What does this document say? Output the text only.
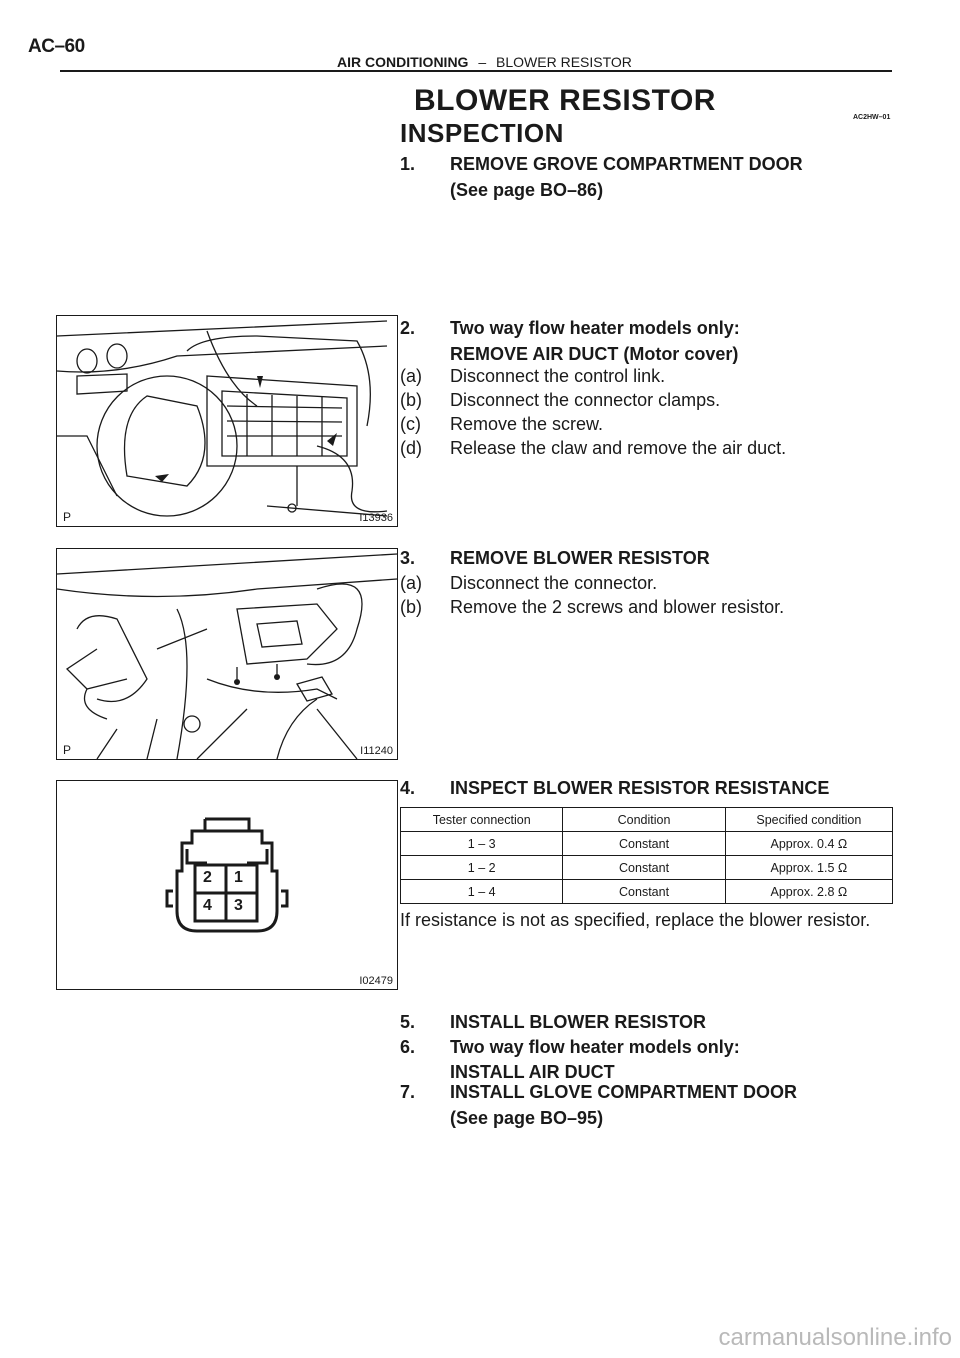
AC–60
AIR CONDITIONING – BLOWER RESISTOR
BLOWER RESISTOR
AC2HW–01
INSPECTION
1. REMOVE GROVE COMPARTMENT DOOR
(See page BO–86)
P	I13936
2. Two way flow heater models only:
REMOVE AIR DUCT (Motor cover)
(a) Disconnect the control link.
(b) Disconnect the connector clamps.
(c) Remove the screw.
(d) Release the claw and remove the air duct.
P	I11240
3. REMOVE BLOWER RESISTOR
(a) Disconnect the connector.
(b) Remove the 2 screws and blower resistor.
2 1
4 3
I02479
4. INSPECT BLOWER RESISTOR RESISTANCE
Tester connection	Condition	Specified condition
1 – 3	Constant	Approx. 0.4 Ω
1 – 2	Constant	Approx. 1.5 Ω
1 – 4	Constant	Approx. 2.8 Ω
If resistance is not as specified, replace the blower resistor.
5. INSTALL BLOWER RESISTOR
6. Two way flow heater models only:
INSTALL AIR DUCT
7. INSTALL GLOVE COMPARTMENT DOOR
(See page BO–95)
carmanualsonline.info
